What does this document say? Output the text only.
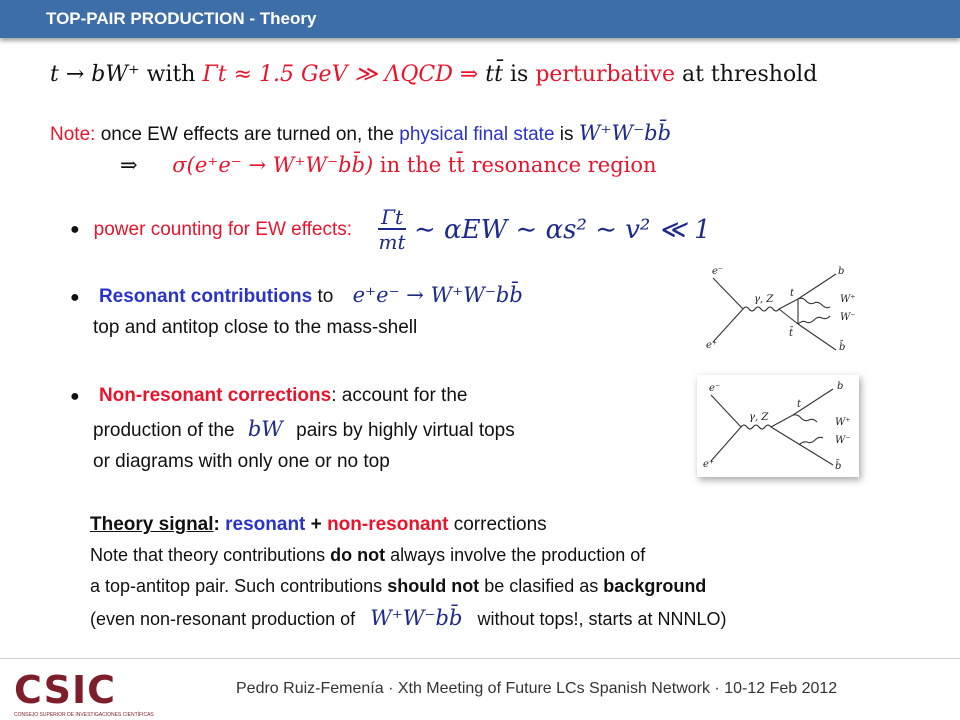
TOP-PAIR PRODUCTION - Theory
t → bW⁺ with Γt ≈ 1.5 GeV ≫ ΛQCD ⇒ tt̄ is perturbative at threshold
Note: once EW effects are turned on, the physical final state is W⁺W⁻bb̄
⇒ σ(e⁺e⁻ → W⁺W⁻bb̄) in the tt̄ resonance region
● power counting for EW effects: $\frac{\Gamma t}{mt}$ ∼ αEW ∼ αs² ∼ v² ≪ 1
● Resonant contributions to e⁺e⁻ → W⁺W⁻bb̄
top and antitop close to the mass-shell
e⁻
e⁺
γ, Z
t
t̄
b
W⁺
W⁻
b̄
● Non-resonant corrections: account for the
production of the bW pairs by highly virtual tops
or diagrams with only one or no top
e⁻
e⁺
γ, Z
t
b
W⁺
W⁻
b̄
Theory signal: resonant + non-resonant corrections
Note that theory contributions do not always involve the production of
a top-antitop pair. Such contributions should not be clasified as background
(even non-resonant production of W⁺W⁻bb̄ without tops!, starts at NNNLO)
CSIC
CONSEJO SUPERIOR DE INVESTIGACIONES CIENTÍFICAS
Pedro Ruiz-Femenía · Xth Meeting of Future LCs Spanish Network · 10-12 Feb 2012
